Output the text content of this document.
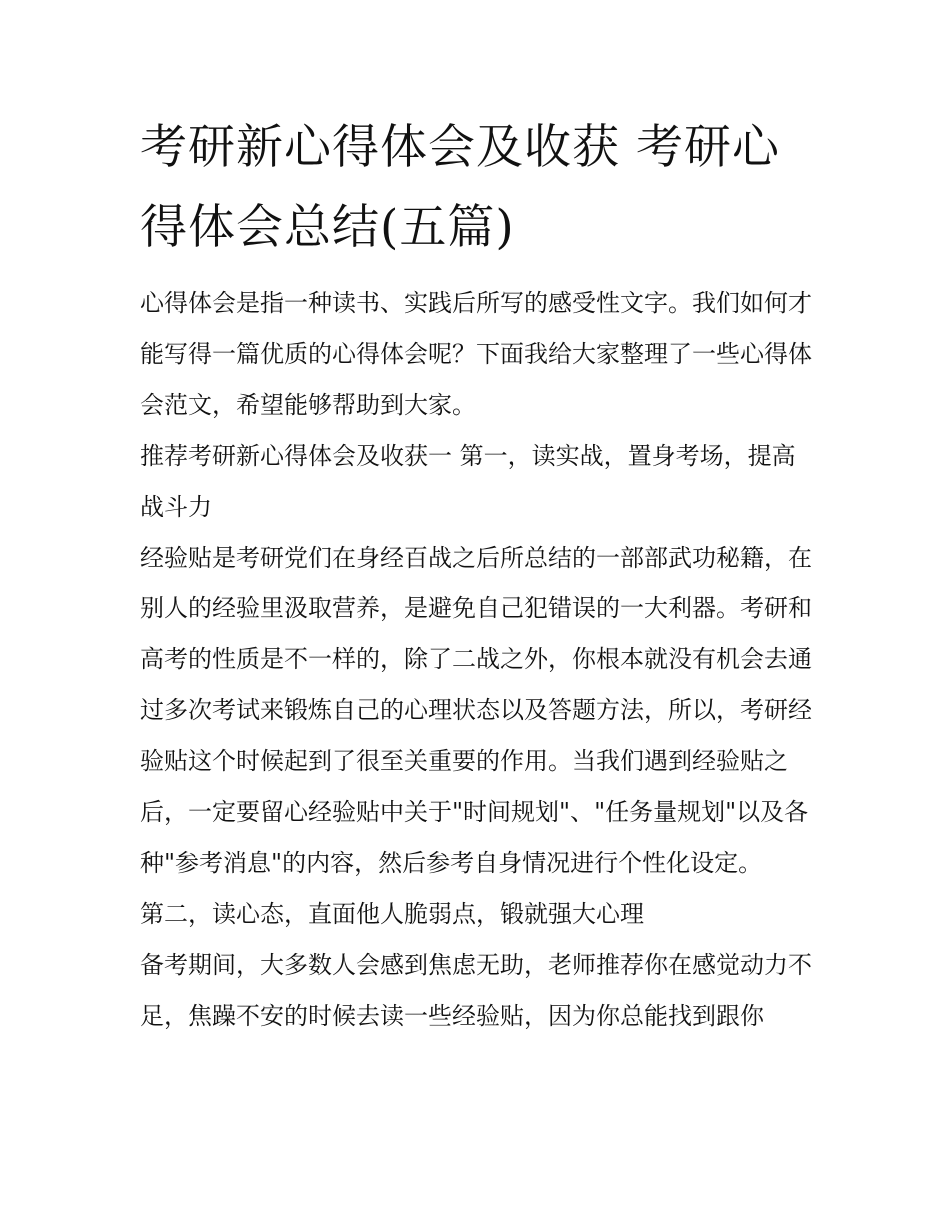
考研新心得体会及收获 考研心得体会总结(五篇)

心得体会是指一种读书、实践后所写的感受性文字。我们如何才能写得一篇优质的心得体会呢？下面我给大家整理了一些心得体会范文，希望能够帮助到大家。

推荐考研新心得体会及收获一 第一，读实战，置身考场，提高战斗力

经验贴是考研党们在身经百战之后所总结的一部部武功秘籍，在别人的经验里汲取营养，是避免自己犯错误的一大利器。考研和高考的性质是不一样的，除了二战之外，你根本就没有机会去通过多次考试来锻炼自己的心理状态以及答题方法，所以，考研经验贴这个时候起到了很至关重要的作用。当我们遇到经验贴之后，一定要留心经验贴中关于"时间规划"、"任务量规划"以及各种"参考消息"的内容，然后参考自身情况进行个性化设定。

第二，读心态，直面他人脆弱点，锻就强大心理

备考期间，大多数人会感到焦虑无助，老师推荐你在感觉动力不足，焦躁不安的时候去读一些经验贴，因为你总能找到跟你
